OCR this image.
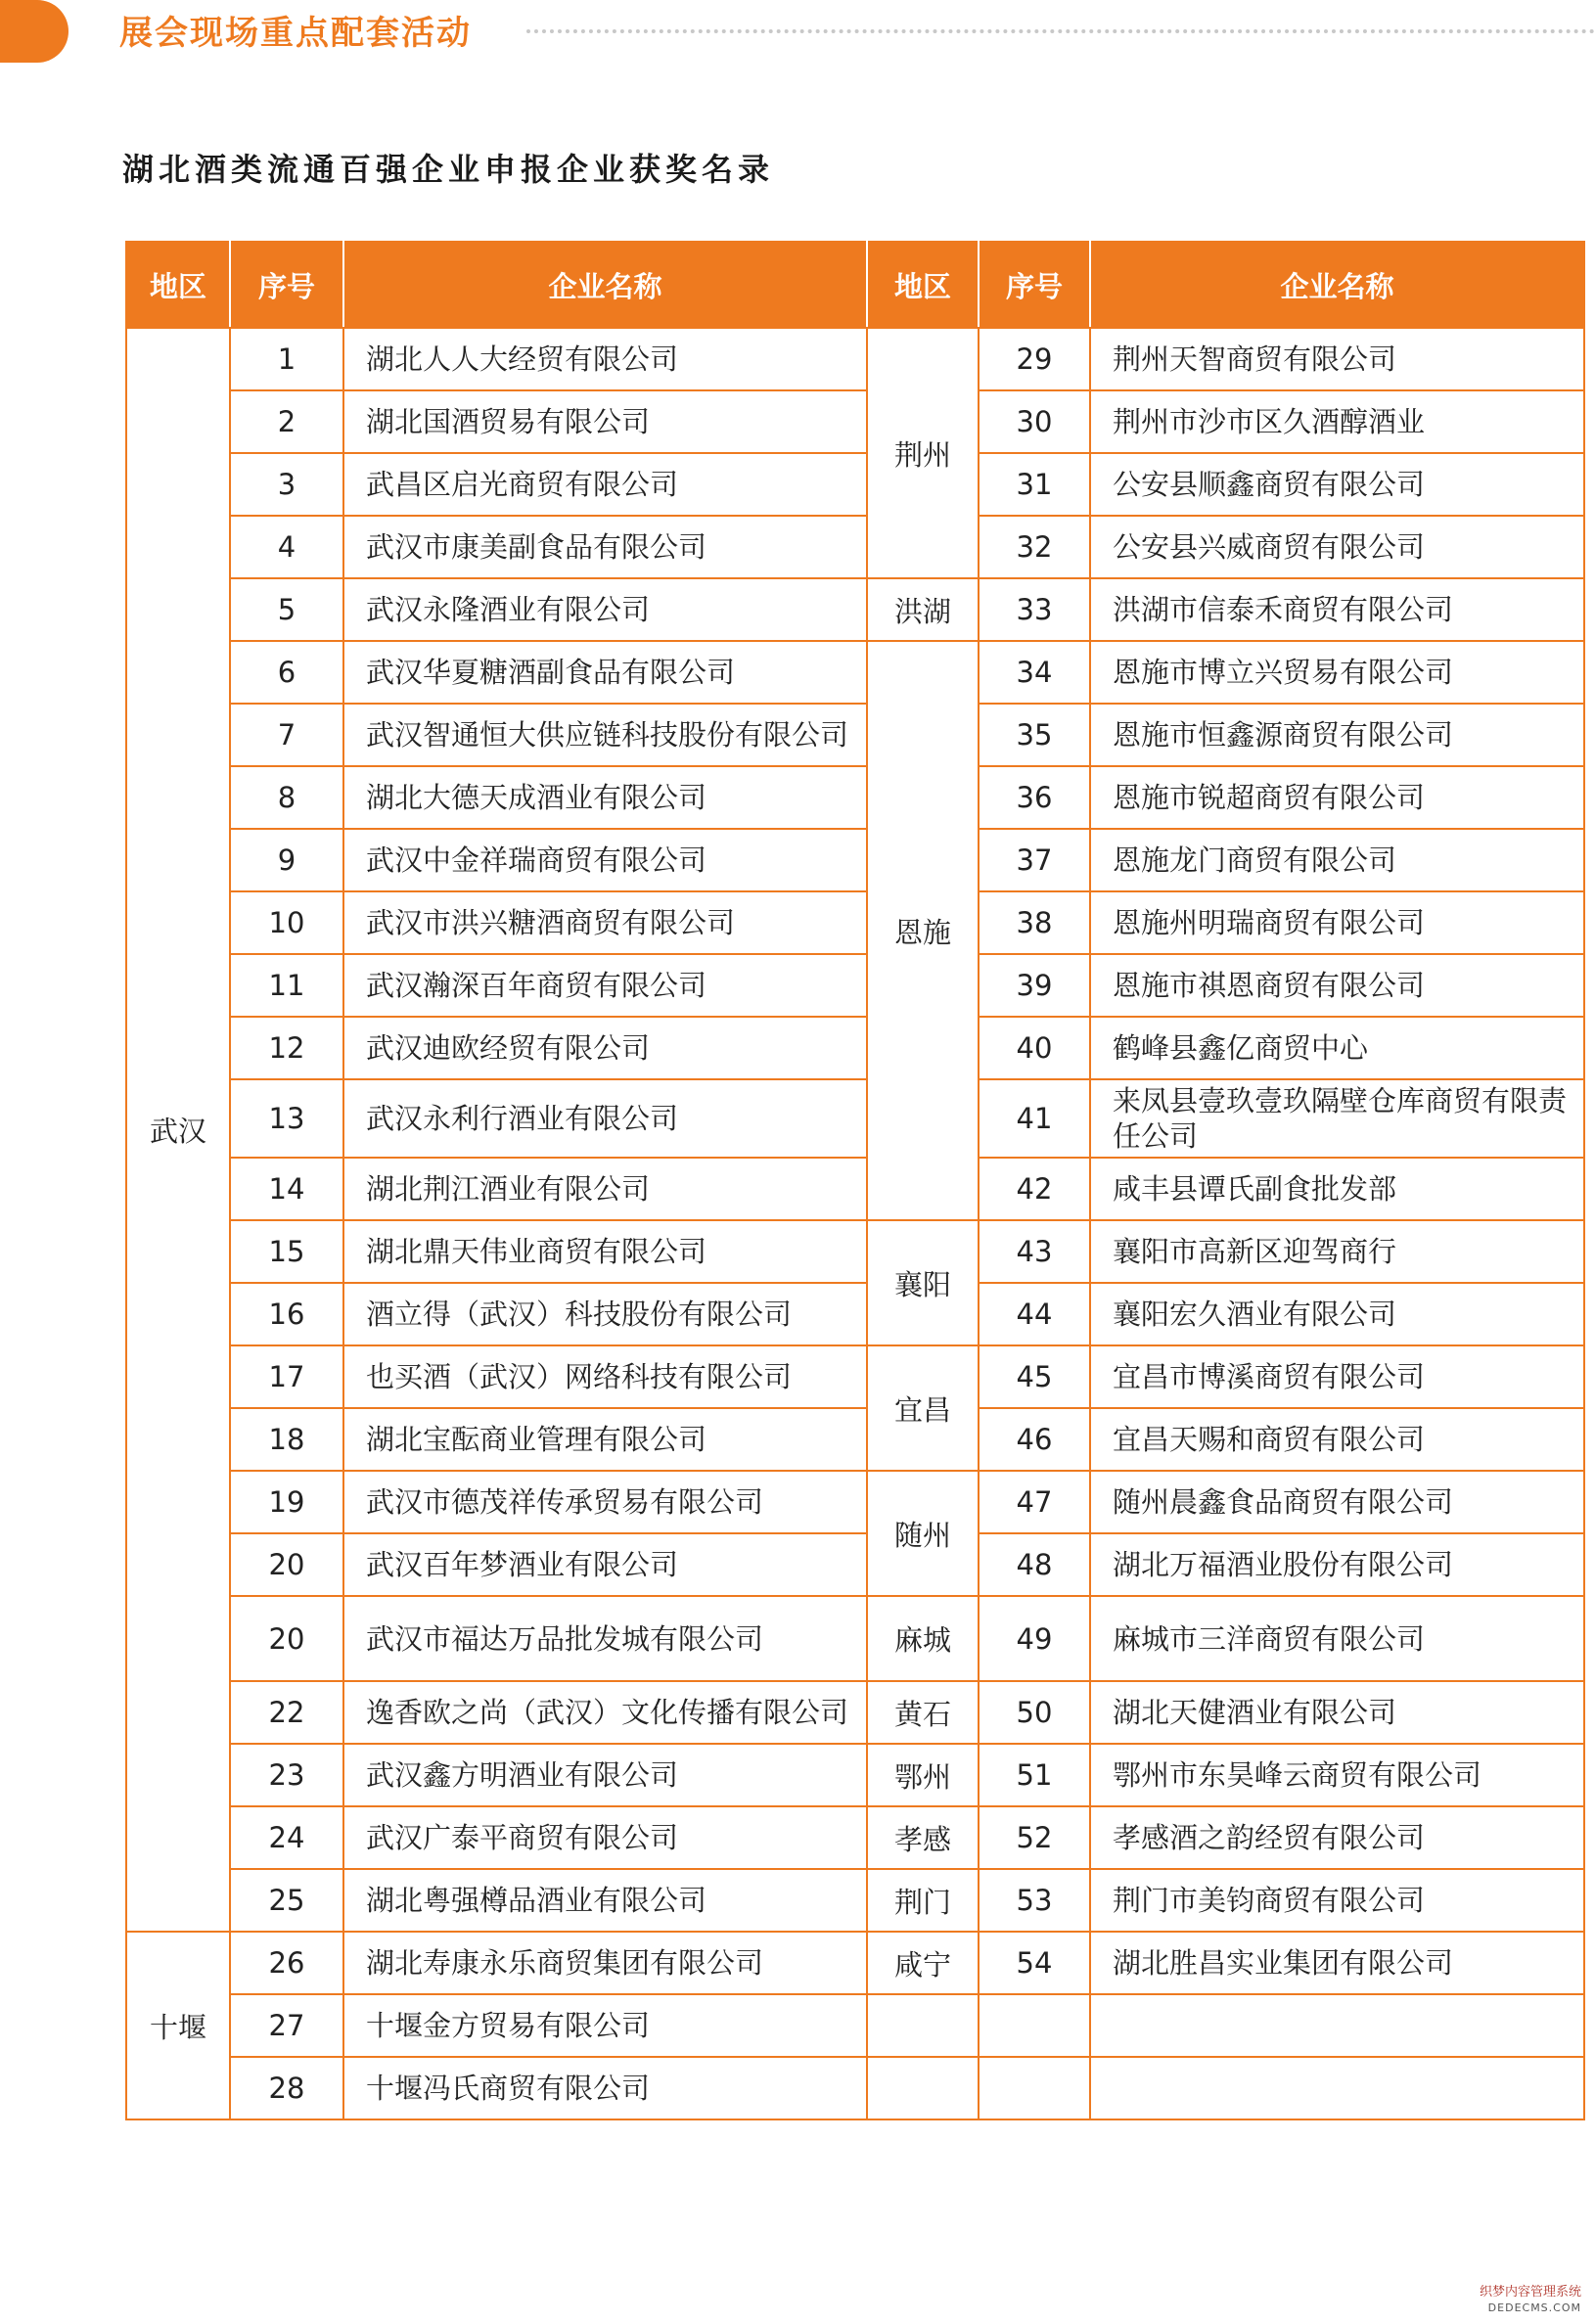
展会现场重点配套活动
湖北酒类流通百强企业申报企业获奖名录
地区	序号	企业名称	地区	序号	企业名称
武汉	1	湖北人人大经贸有限公司	荆州	29	荆州天智商贸有限公司
	2	湖北国酒贸易有限公司		30	荆州市沙市区久酒醇酒业
	3	武昌区启光商贸有限公司		31	公安县顺鑫商贸有限公司
	4	武汉市康美副食品有限公司		32	公安县兴威商贸有限公司
	5	武汉永隆酒业有限公司	洪湖	33	洪湖市信泰禾商贸有限公司
	6	武汉华夏糖酒副食品有限公司	恩施	34	恩施市博立兴贸易有限公司
	7	武汉智通恒大供应链科技股份有限公司		35	恩施市恒鑫源商贸有限公司
	8	湖北大德天成酒业有限公司		36	恩施市锐超商贸有限公司
	9	武汉中金祥瑞商贸有限公司		37	恩施龙门商贸有限公司
	10	武汉市洪兴糖酒商贸有限公司		38	恩施州明瑞商贸有限公司
	11	武汉瀚深百年商贸有限公司		39	恩施市祺恩商贸有限公司
	12	武汉迪欧经贸有限公司		40	鹤峰县鑫亿商贸中心
	13	武汉永利行酒业有限公司		41	来凤县壹玖壹玖隔壁仓库商贸有限责任公司
	14	湖北荆江酒业有限公司		42	咸丰县谭氏副食批发部
	15	湖北鼎天伟业商贸有限公司	襄阳	43	襄阳市高新区迎驾商行
	16	酒立得（武汉）科技股份有限公司		44	襄阳宏久酒业有限公司
	17	也买酒（武汉）网络科技有限公司	宜昌	45	宜昌市博溪商贸有限公司
	18	湖北宝酝商业管理有限公司		46	宜昌天赐和商贸有限公司
	19	武汉市德茂祥传承贸易有限公司	随州	47	随州晨鑫食品商贸有限公司
	20	武汉百年梦酒业有限公司		48	湖北万福酒业股份有限公司
	20	武汉市福达万品批发城有限公司	麻城	49	麻城市三洋商贸有限公司
	22	逸香欧之尚（武汉）文化传播有限公司	黄石	50	湖北天健酒业有限公司
	23	武汉鑫方明酒业有限公司	鄂州	51	鄂州市东昊峰云商贸有限公司
	24	武汉广泰平商贸有限公司	孝感	52	孝感酒之韵经贸有限公司
	25	湖北粤强樽品酒业有限公司	荆门	53	荆门市美钧商贸有限公司
十堰	26	湖北寿康永乐商贸集团有限公司	咸宁	54	湖北胜昌实业集团有限公司
	27	十堰金方贸易有限公司			
	28	十堰冯氏商贸有限公司			
织梦内容管理系统
DEDECMS.COM
